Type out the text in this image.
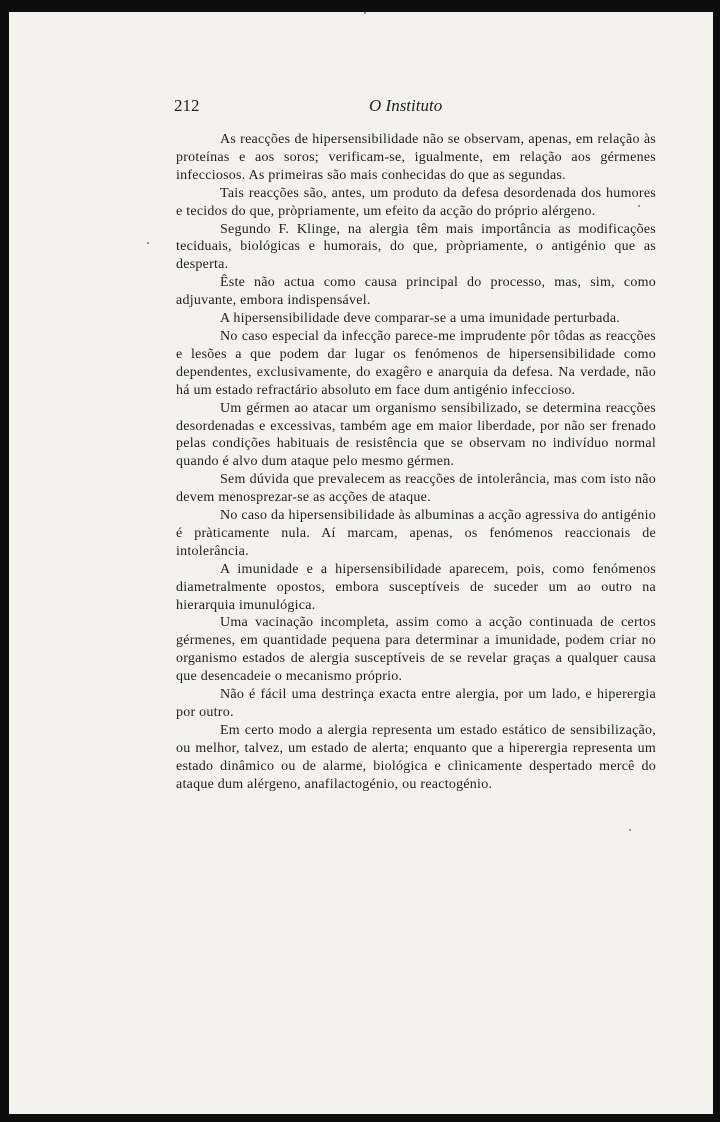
212	O Instituto

As reacções de hipersensibilidade não se observam, apenas, em relação às proteínas e aos soros; verificam-se, igualmente, em relação aos gérmenes infecciosos. As primeiras são mais conhecidas do que as segundas.

Tais reacções são, antes, um produto da defesa desordenada dos humores e tecidos do que, pròpriamente, um efeito da acção do próprio alérgeno.

Segundo F. Klinge, na alergia têm mais importância as modificações teciduais, biológicas e humorais, do que, pròpriamente, o antigénio que as desperta.

Êste não actua como causa principal do processo, mas, sim, como adjuvante, embora indispensável.

A hipersensibilidade deve comparar-se a uma imunidade perturbada.

No caso especial da infecção parece-me imprudente pôr tôdas as reacções e lesões a que podem dar lugar os fenómenos de hipersensibilidade como dependentes, exclusivamente, do exagêro e anarquia da defesa. Na verdade, não há um estado refractário absoluto em face dum antigénio infeccioso.

Um gérmen ao atacar um organismo sensibilizado, se determina reacções desordenadas e excessivas, também age em maior liberdade, por não ser frenado pelas condições habituais de resistência que se observam no indivíduo normal quando é alvo dum ataque pelo mesmo gérmen.

Sem dúvida que prevalecem as reacções de intolerância, mas com isto não devem menosprezar-se as acções de ataque.

No caso da hipersensibilidade às albuminas a acção agressiva do antigénio é pràticamente nula. Aí marcam, apenas, os fenómenos reaccionais de intolerância.

A imunidade e a hipersensibilidade aparecem, pois, como fenómenos diametralmente opostos, embora susceptíveis de suceder um ao outro na hierarquia imunulógica.

Uma vacinação incompleta, assim como a acção continuada de certos gérmenes, em quantidade pequena para determinar a imunidade, podem criar no organismo estados de alergia susceptíveis de se revelar graças a qualquer causa que desencadeie o mecanismo próprio.

Não é fácil uma destrinça exacta entre alergia, por um lado, e hiperergia por outro.

Em certo modo a alergia representa um estado estático de sensibilização, ou melhor, talvez, um estado de alerta; enquanto que a hiperergia representa um estado dinâmico ou de alarme, biológica e clìnicamente despertado mercê do ataque dum alérgeno, anafilactogénio, ou reactogénio.
